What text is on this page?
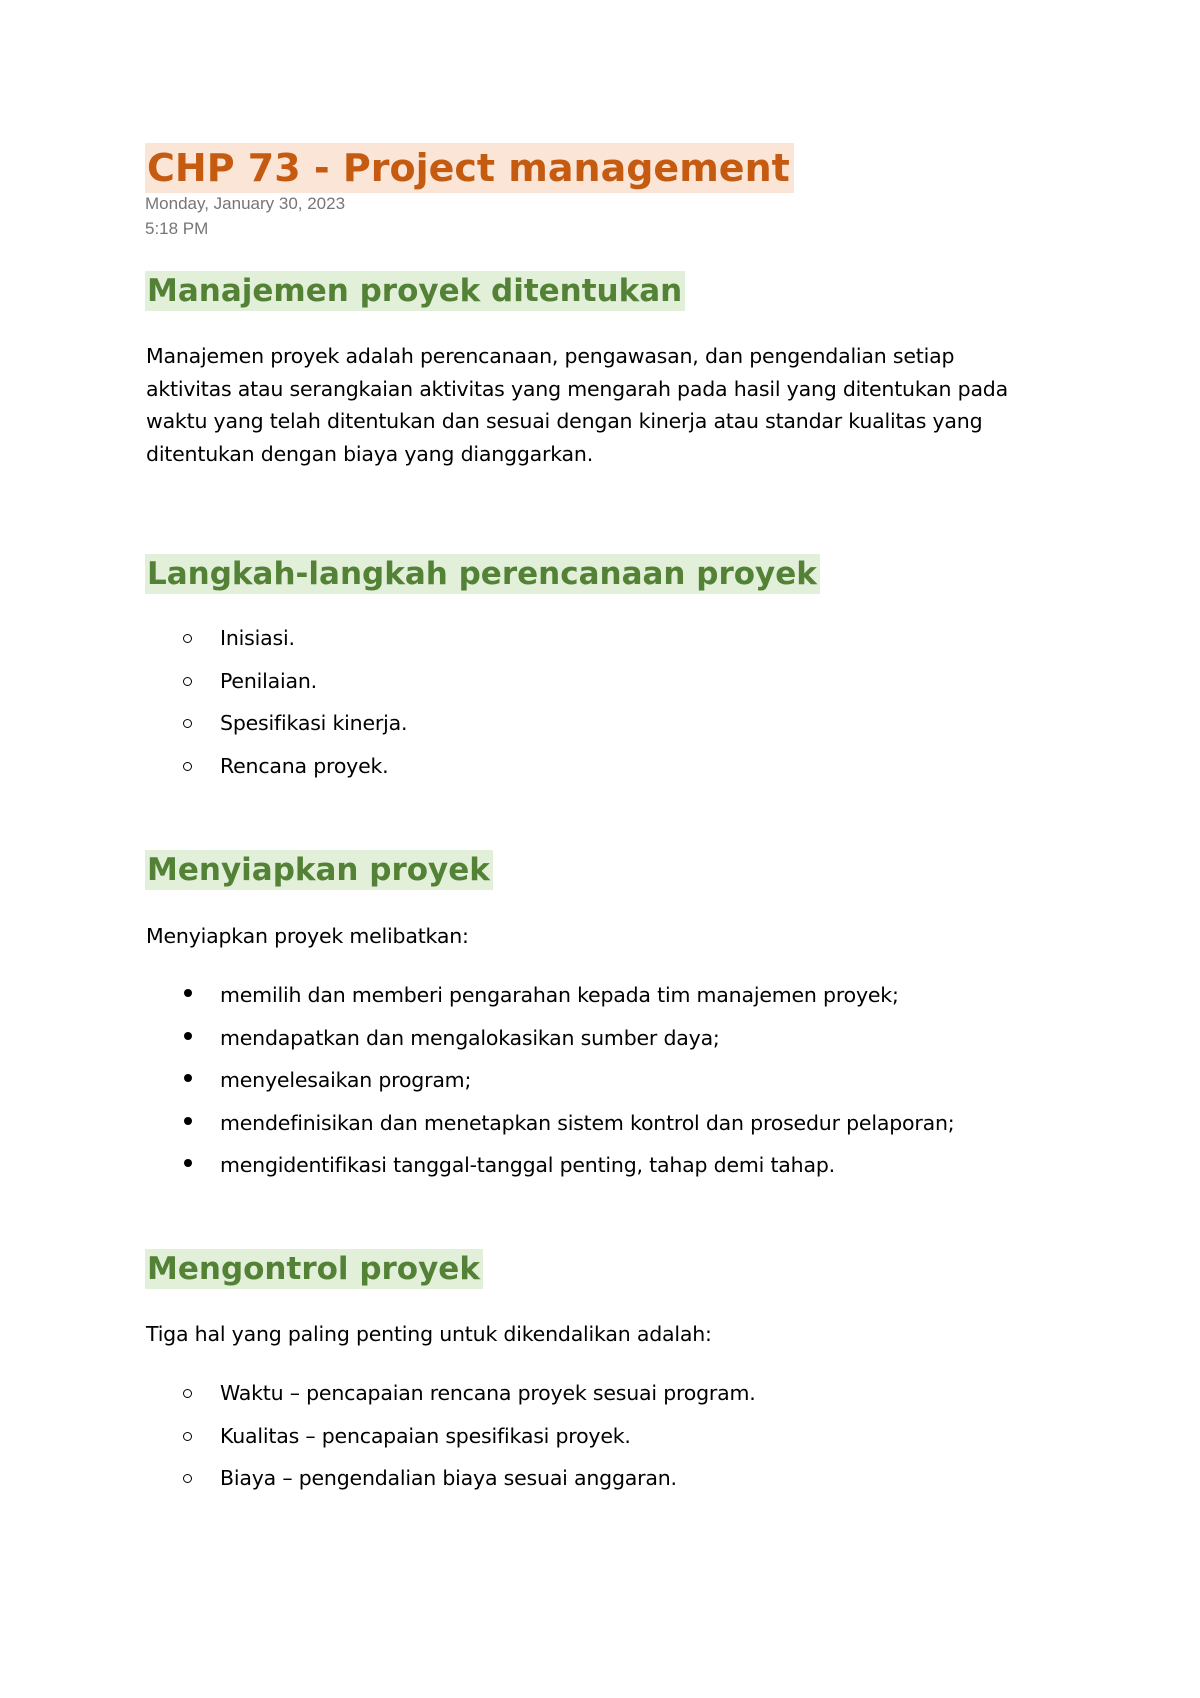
CHP 73 - Project management
Monday, January 30, 2023
5:18 PM
Manajemen proyek ditentukan

Manajemen proyek adalah perencanaan, pengawasan, dan pengendalian setiap aktivitas atau serangkaian aktivitas yang mengarah pada hasil yang ditentukan pada waktu yang telah ditentukan dan sesuai dengan kinerja atau standar kualitas yang ditentukan dengan biaya yang dianggarkan.

Langkah-langkah perencanaan proyek
Inisiasi.
Penilaian.
Spesifikasi kinerja.
Rencana proyek.
Menyiapkan proyek

Menyiapkan proyek melibatkan:

memilih dan memberi pengarahan kepada tim manajemen proyek;
mendapatkan dan mengalokasikan sumber daya;
menyelesaikan program;
mendefinisikan dan menetapkan sistem kontrol dan prosedur pelaporan;
mengidentifikasi tanggal-tanggal penting, tahap demi tahap.
Mengontrol proyek

Tiga hal yang paling penting untuk dikendalikan adalah:

Waktu – pencapaian rencana proyek sesuai program.
Kualitas – pencapaian spesifikasi proyek.
Biaya – pengendalian biaya sesuai anggaran.
